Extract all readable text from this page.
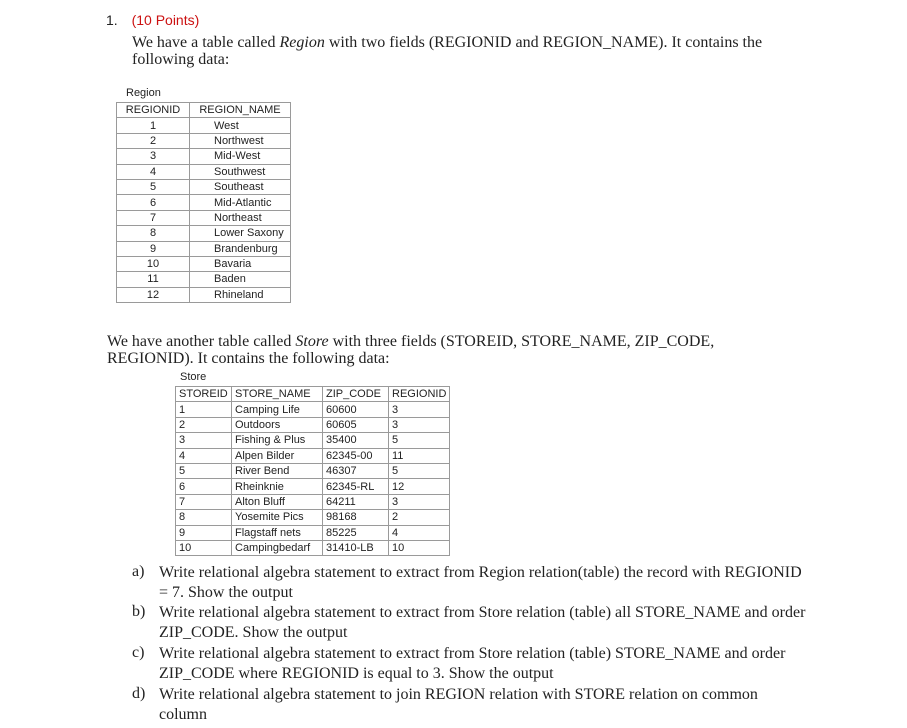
1. (10 Points)
We have a table called Region with two fields (REGIONID and REGION_NAME). It contains the following data:
Region
REGIONID	REGION_NAME
1	West
2	Northwest
3	Mid-West
4	Southwest
5	Southeast
6	Mid-Atlantic
7	Northeast
8	Lower Saxony
9	Brandenburg
10	Bavaria
11	Baden
12	Rhineland
We have another table called Store with three fields (STOREID, STORE_NAME, ZIP_CODE, REGIONID). It contains the following data:
Store
STOREID	STORE_NAME	ZIP_CODE	REGIONID
1	Camping Life	60600	3
2	Outdoors	60605	3
3	Fishing & Plus	35400	5
4	Alpen Bilder	62345-00	11
5	River Bend	46307	5
6	Rheinknie	62345-RL	12
7	Alton Bluff	64211	3
8	Yosemite Pics	98168	2
9	Flagstaff nets	85225	4
10	Campingbedarf	31410-LB	10
a) Write relational algebra statement to extract from Region relation(table) the record with REGIONID = 7. Show the output
b) Write relational algebra statement to extract from Store relation (table) all STORE_NAME and order ZIP_CODE. Show the output
c) Write relational algebra statement to extract from Store relation (table) STORE_NAME and order ZIP_CODE where REGIONID is equal to 3. Show the output
d) Write relational algebra statement to join REGION relation with STORE relation on common column
